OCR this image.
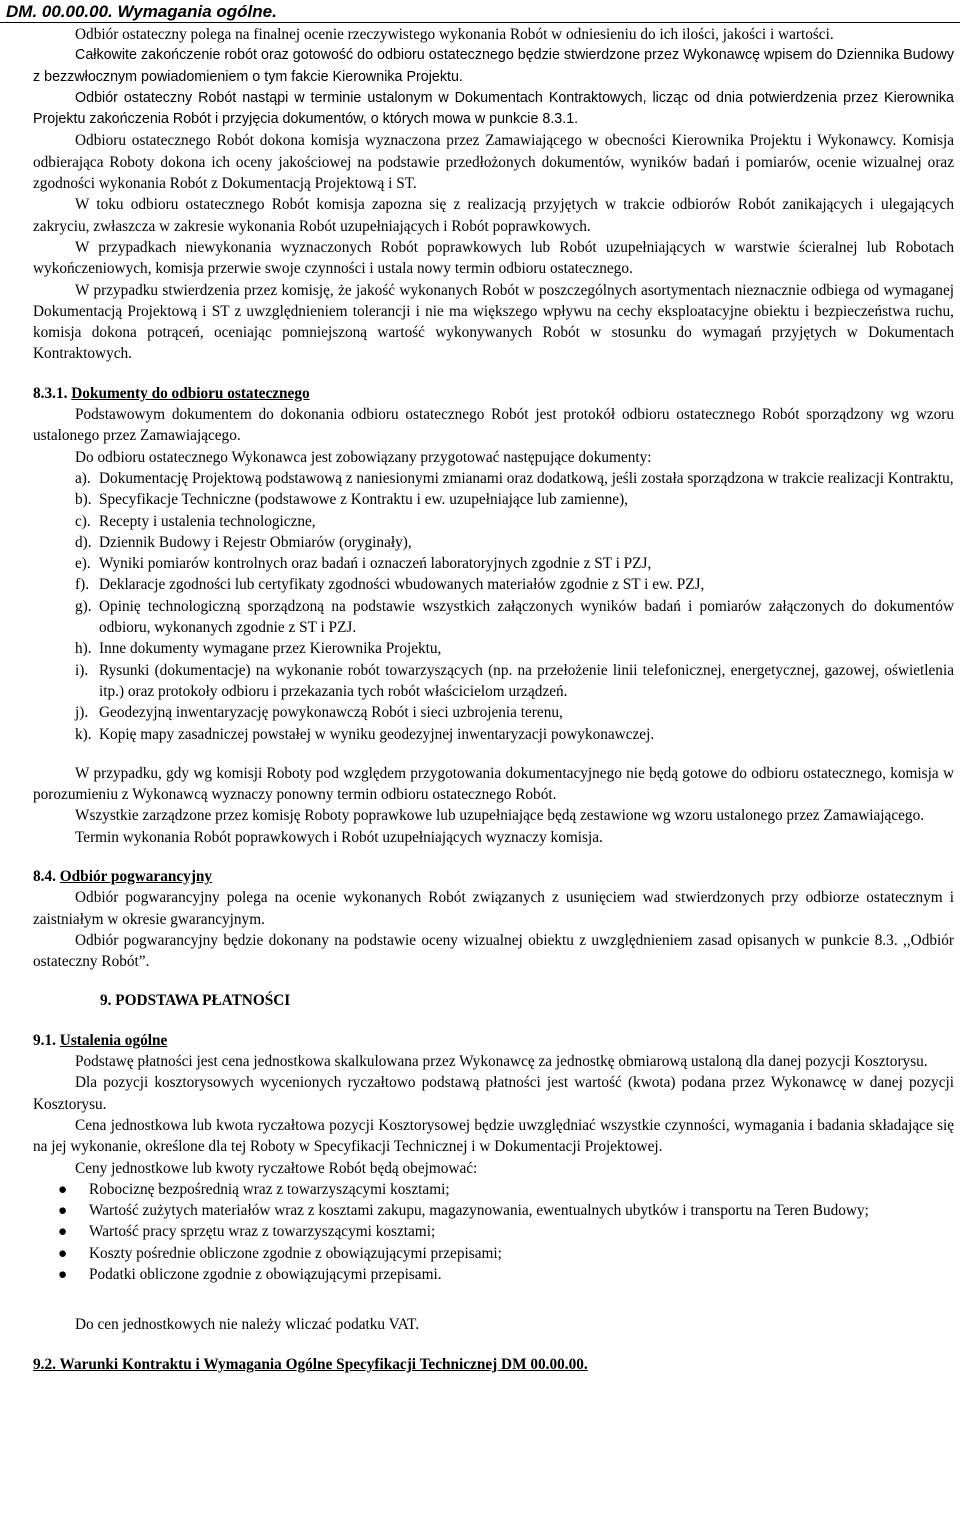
DM. 00.00.00. Wymagania ogólne.

Odbiór ostateczny polega na finalnej ocenie rzeczywistego wykonania Robót w odniesieniu do ich ilości, jakości i wartości.

Całkowite zakończenie robót oraz gotowość do odbioru ostatecznego będzie stwierdzone przez Wykonawcę wpisem do Dziennika Budowy z bezzwłocznym powiadomieniem o tym fakcie Kierownika Projektu.

Odbiór ostateczny Robót nastąpi w terminie ustalonym w Dokumentach Kontraktowych, licząc od dnia potwierdzenia przez Kierownika Projektu zakończenia Robót i przyjęcia dokumentów, o których mowa w punkcie 8.3.1.

Odbioru ostatecznego Robót dokona komisja wyznaczona przez Zamawiającego w obecności Kierownika Projektu i Wykonawcy. Komisja odbierająca Roboty dokona ich oceny jakościowej na podstawie przedłożonych dokumentów, wyników badań i pomiarów, ocenie wizualnej oraz zgodności wykonania Robót z Dokumentacją Projektową i ST.

W toku odbioru ostatecznego Robót komisja zapozna się z realizacją przyjętych w trakcie odbiorów Robót zanikających i ulegających zakryciu, zwłaszcza w zakresie wykonania Robót uzupełniających i Robót poprawkowych.

W przypadkach niewykonania wyznaczonych Robót poprawkowych lub Robót uzupełniających w warstwie ścieralnej lub Robotach wykończeniowych, komisja przerwie swoje czynności i ustala nowy termin odbioru ostatecznego.

W przypadku stwierdzenia przez komisję, że jakość wykonanych Robót w poszczególnych asortymentach nieznacznie odbiega od wymaganej Dokumentacją Projektową i ST z uwzględnieniem tolerancji i nie ma większego wpływu na cechy eksploatacyjne obiektu i bezpieczeństwa ruchu, komisja dokona potrąceń, oceniając pomniejszoną wartość wykonywanych Robót w stosunku do wymagań przyjętych w Dokumentach Kontraktowych.

8.3.1. Dokumenty do odbioru ostatecznego

Podstawowym dokumentem do dokonania odbioru ostatecznego Robót jest protokół odbioru ostatecznego Robót sporządzony wg wzoru ustalonego przez Zamawiającego.

Do odbioru ostatecznego Wykonawca jest zobowiązany przygotować następujące dokumenty:

a). Dokumentację Projektową podstawową z naniesionymi zmianami oraz dodatkową, jeśli została sporządzona w trakcie realizacji Kontraktu,
b). Specyfikacje Techniczne (podstawowe z Kontraktu i ew. uzupełniające lub zamienne),
c). Recepty i ustalenia technologiczne,
d). Dziennik Budowy i Rejestr Obmiarów (oryginały),
e). Wyniki pomiarów kontrolnych oraz badań i oznaczeń laboratoryjnych zgodnie z ST i PZJ,
f). Deklaracje zgodności lub certyfikaty zgodności wbudowanych materiałów zgodnie z ST i ew. PZJ,
g). Opinię technologiczną sporządzoną na podstawie wszystkich załączonych wyników badań i pomiarów załączonych do dokumentów odbioru, wykonanych zgodnie z ST i PZJ.
h). Inne dokumenty wymagane przez Kierownika Projektu,
i). Rysunki (dokumentacje) na wykonanie robót towarzyszących (np. na przełożenie linii telefonicznej, energetycznej, gazowej, oświetlenia itp.) oraz protokoły odbioru i przekazania tych robót właścicielom urządzeń.
j). Geodezyjną inwentaryzację powykonawczą Robót i sieci uzbrojenia terenu,
k). Kopię mapy zasadniczej powstałej w wyniku geodezyjnej inwentaryzacji powykonawczej.

W przypadku, gdy wg komisji Roboty pod względem przygotowania dokumentacyjnego nie będą gotowe do odbioru ostatecznego, komisja w porozumieniu z Wykonawcą wyznaczy ponowny termin odbioru ostatecznego Robót.

Wszystkie zarządzone przez komisję Roboty poprawkowe lub uzupełniające będą zestawione wg wzoru ustalonego przez Zamawiającego.

Termin wykonania Robót poprawkowych i Robót uzupełniających wyznaczy komisja.

8.4. Odbiór pogwarancyjny

Odbiór pogwarancyjny polega na ocenie wykonanych Robót związanych z usunięciem wad stwierdzonych przy odbiorze ostatecznym i zaistniałym w okresie gwarancyjnym.

Odbiór pogwarancyjny będzie dokonany na podstawie oceny wizualnej obiektu z uwzględnieniem zasad opisanych w punkcie 8.3. ,,Odbiór ostateczny Robót”.

9. PODSTAWA PŁATNOŚCI

9.1. Ustalenia ogólne

Podstawę płatności jest cena jednostkowa skalkulowana przez Wykonawcę za jednostkę obmiarową ustaloną dla danej pozycji Kosztorysu.

Dla pozycji kosztorysowych wycenionych ryczałtowo podstawą płatności jest wartość (kwota) podana przez Wykonawcę w danej pozycji Kosztorysu.

Cena jednostkowa lub kwota ryczałtowa pozycji Kosztorysowej będzie uwzględniać wszystkie czynności, wymagania i badania składające się na jej wykonanie, określone dla tej Roboty w Specyfikacji Technicznej i w Dokumentacji Projektowej.

Ceny jednostkowe lub kwoty ryczałtowe Robót będą obejmować:

● Robociznę bezpośrednią wraz z towarzyszącymi kosztami;
● Wartość zużytych materiałów wraz z kosztami zakupu, magazynowania, ewentualnych ubytków i transportu na Teren Budowy;
● Wartość pracy sprzętu wraz z towarzyszącymi kosztami;
● Koszty pośrednie obliczone zgodnie z obowiązującymi przepisami;
● Podatki obliczone zgodnie z obowiązującymi przepisami.

Do cen jednostkowych nie należy wliczać podatku VAT.

9.2. Warunki Kontraktu i Wymagania Ogólne Specyfikacji Technicznej DM 00.00.00.
